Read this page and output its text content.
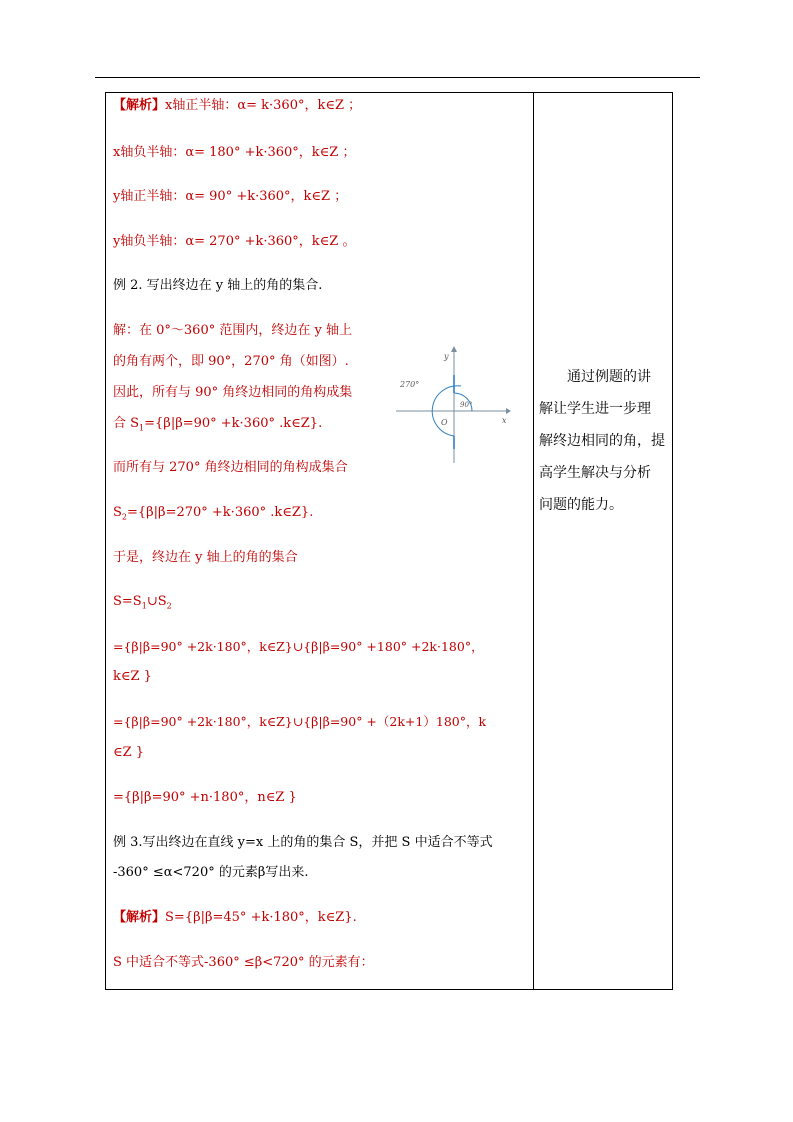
【解析】x轴正半轴：α= k·360°，k∈Z ；
x轴负半轴：α= 180° +k·360°，k∈Z ；
y轴正半轴：α= 90° +k·360°，k∈Z ；
y轴负半轴：α= 270° +k·360°，k∈Z 。
例 2. 写出终边在 y 轴上的角的集合.
解：在 0°～360° 范围内，终边在 y 轴上
的角有两个，即 90°，270° 角（如图）.
因此，所有与 90° 角终边相同的角构成集
合 $S_1=\{\beta|\beta=90^\circ +k\cdot 360^\circ$ .k∈Z}.
而所有与 270° 角终边相同的角构成集合
$S_2=\{\beta|\beta=270^\circ +k\cdot 360^\circ$ .k∈Z}.
于是，终边在 y 轴上的角的集合
$S=S_1\cup S_2$
={β|β=90° +2k·180°，k∈Z}∪{β|β=90° +180° +2k·180°，
k∈Z }
={β|β=90° +2k·180°，k∈Z}∪{β|β=90° +（2k+1）180°，k
∈Z }
={β|β=90° +n·180°，n∈Z }
例 3.写出终边在直线 y=x 上的角的集合 S，并把 S 中适合不等式
-360° ≤α<720° 的元素β写出来.
【解析】S={β|β=45° +k·180°，k∈Z}.
S 中适合不等式-360° ≤β<720° 的元素有：
y
x
O
270°
90°
通过例题的讲
解让学生进一步理
解终边相同的角，提
高学生解决与分析
问题的能力。
